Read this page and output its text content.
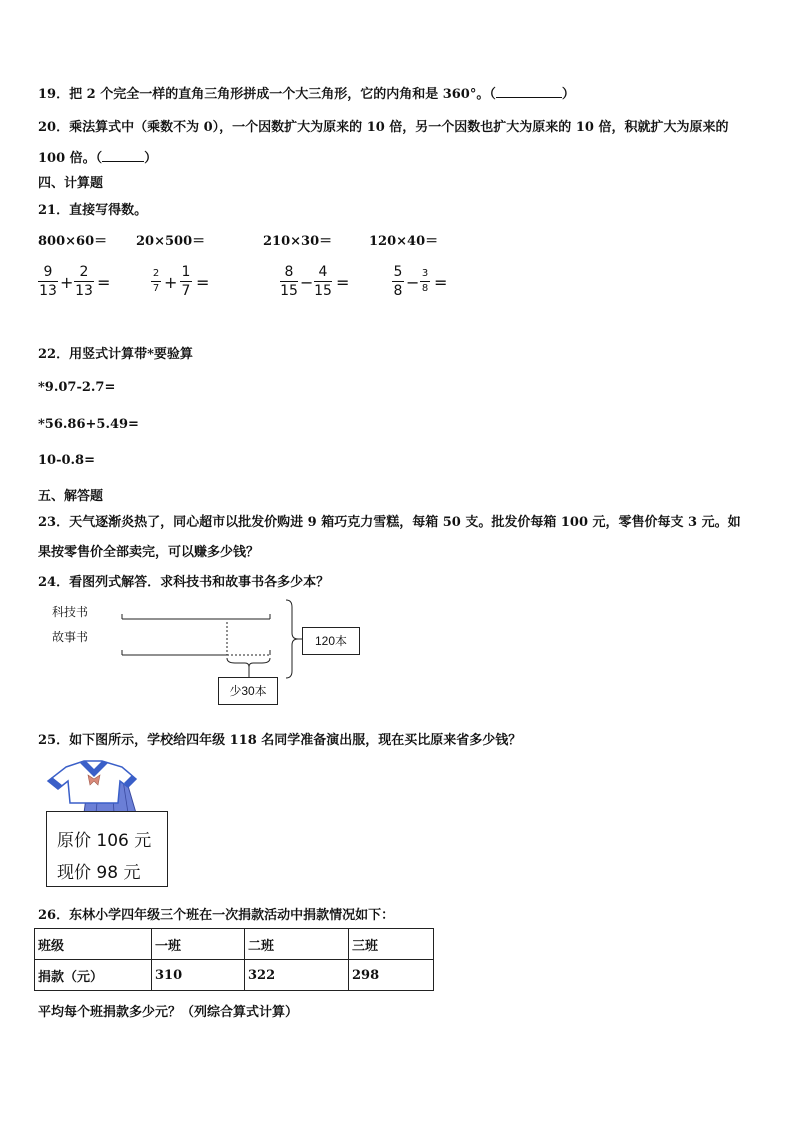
19．把 2 个完全一样的直角三角形拼成一个大三角形，它的内角和是 360°。（	）
20．乘法算式中（乘数不为 0），一个因数扩大为原来的 10 倍，另一个因数也扩大为原来的 10 倍，积就扩大为原来的
100 倍。（	）
四、计算题
21．直接写得数。
800×60＝ 20×500＝	210×30＝	120×40＝
9
13 +
2
13 =	2
7 +
1
7 =
8
15 −
4
15 =
5
8 − 3
8 =
22．用竖式计算带*要验算
*9.07-2.7=
*56.86+5.49=
10-0.8=
五、解答题
23．天气逐渐炎热了，同心超市以批发价购进 9 箱巧克力雪糕，每箱 50 支。批发价每箱 100 元，零售价每支 3 元。如
果按零售价全部卖完，可以赚多少钱？
24．看图列式解答．求科技书和故事书各多少本？
科技书
故事书	120本
少30本
25．如下图所示，学校给四年级 118 名同学准备演出服，现在买比原来省多少钱？
原价 106 元
现价 98 元
26．东林小学四年级三个班在一次捐款活动中捐款情况如下：
班级	一班	二班	三班
捐款（元）	310	322	298
平均每个班捐款多少元？（列综合算式计算）
